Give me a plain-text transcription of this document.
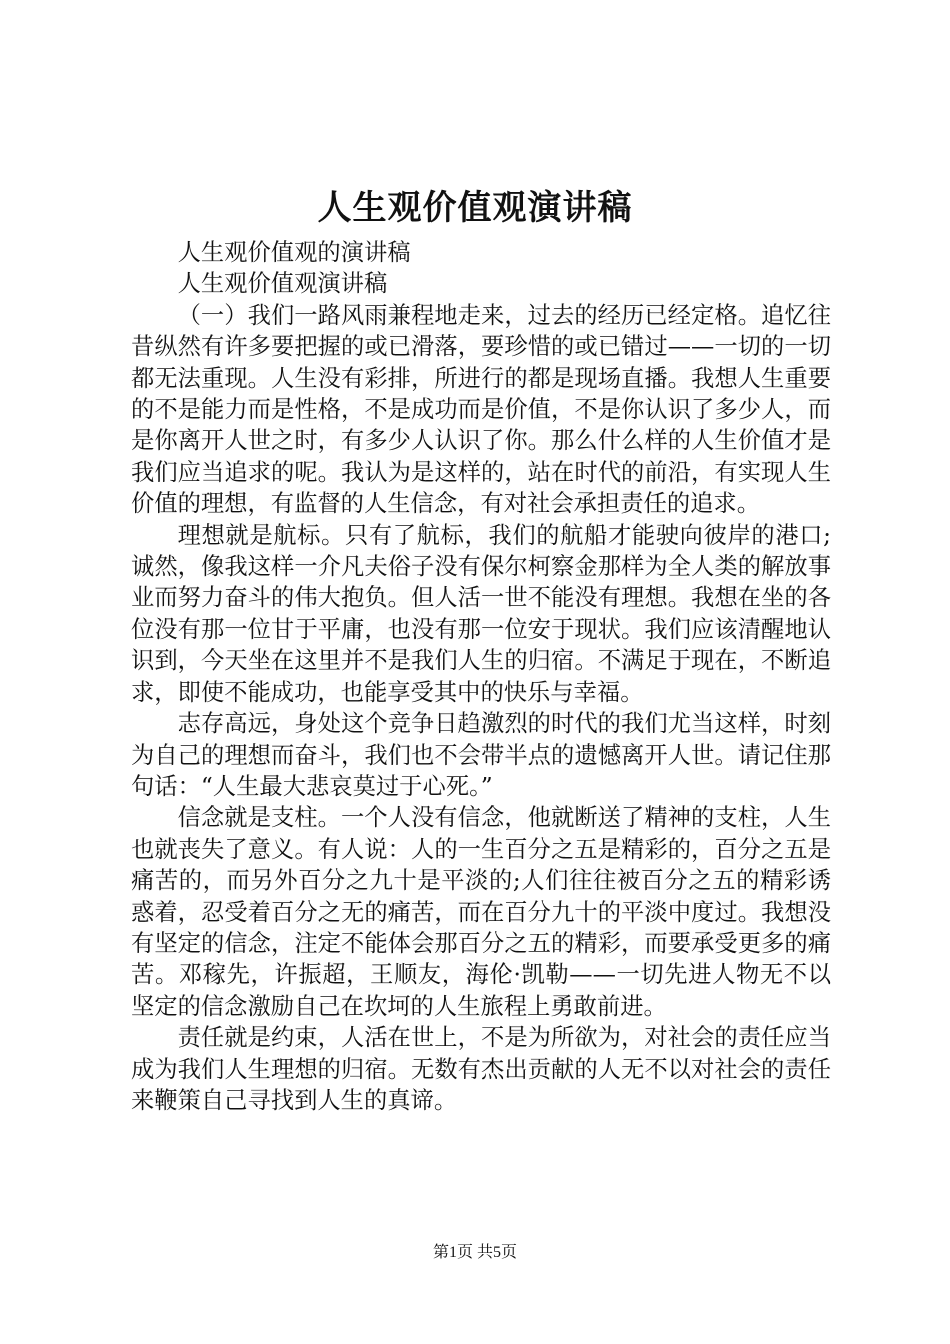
人生观价值观演讲稿

人生观价值观的演讲稿

人生观价值观演讲稿

（一）我们一路风雨兼程地走来，过去的经历已经定格。追忆往昔纵然有许多要把握的或已滑落，要珍惜的或已错过——一切的一切都无法重现。人生没有彩排，所进行的都是现场直播。我想人生重要的不是能力而是性格，不是成功而是价值，不是你认识了多少人，而是你离开人世之时，有多少人认识了你。那么什么样的人生价值才是我们应当追求的呢。我认为是这样的，站在时代的前沿，有实现人生价值的理想，有监督的人生信念，有对社会承担责任的追求。

理想就是航标。只有了航标，我们的航船才能驶向彼岸的港口;诚然，像我这样一介凡夫俗子没有保尔柯察金那样为全人类的解放事业而努力奋斗的伟大抱负。但人活一世不能没有理想。我想在坐的各位没有那一位甘于平庸，也没有那一位安于现状。我们应该清醒地认识到，今天坐在这里并不是我们人生的归宿。不满足于现在，不断追求，即使不能成功，也能享受其中的快乐与幸福。

志存高远，身处这个竞争日趋激烈的时代的我们尤当这样，时刻为自己的理想而奋斗，我们也不会带半点的遗憾离开人世。请记住那句话：“人生最大悲哀莫过于心死。”

信念就是支柱。一个人没有信念，他就断送了精神的支柱，人生也就丧失了意义。有人说：人的一生百分之五是精彩的，百分之五是痛苦的，而另外百分之九十是平淡的;人们往往被百分之五的精彩诱惑着，忍受着百分之无的痛苦，而在百分九十的平淡中度过。我想没有坚定的信念，注定不能体会那百分之五的精彩，而要承受更多的痛苦。邓稼先，许振超，王顺友，海伦·凯勒——一切先进人物无不以坚定的信念激励自己在坎坷的人生旅程上勇敢前进。

责任就是约束，人活在世上，不是为所欲为，对社会的责任应当成为我们人生理想的归宿。无数有杰出贡献的人无不以对社会的责任来鞭策自己寻找到人生的真谛。

第1页 共5页
